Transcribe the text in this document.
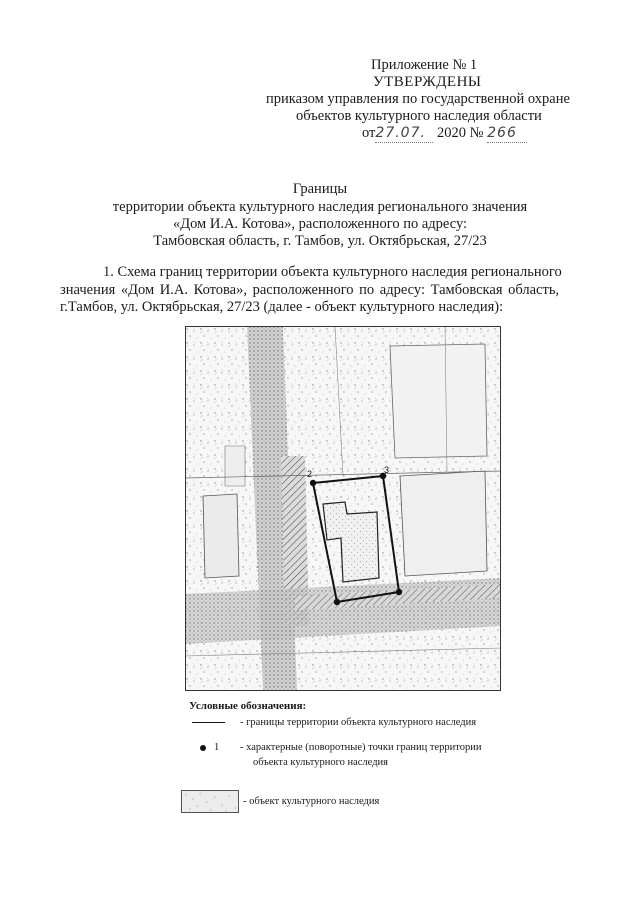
Приложение № 1
УТВЕРЖДЕНЫ
приказом управления по государственной охране
объектов культурного наследия области
от27.07. 2020 № 266
Границы
территории объекта культурного наследия регионального значения
«Дом И.А. Котова», расположенного по адресу:
Тамбовская область, г. Тамбов, ул. Октябрьская, 27/23
1. Схема границ территории объекта культурного наследия регионального
значения «Дом И.А. Котова», расположенного по адресу: Тамбовская область,
г.Тамбов, ул. Октябрьская, 27/23 (далее - объект культурного наследия):
2	3
Условные обозначения:
- границы территории объекта культурного наследия
1 - характерные (поворотные) точки границ территории
объекта культурного наследия
- объект культурного наследия
